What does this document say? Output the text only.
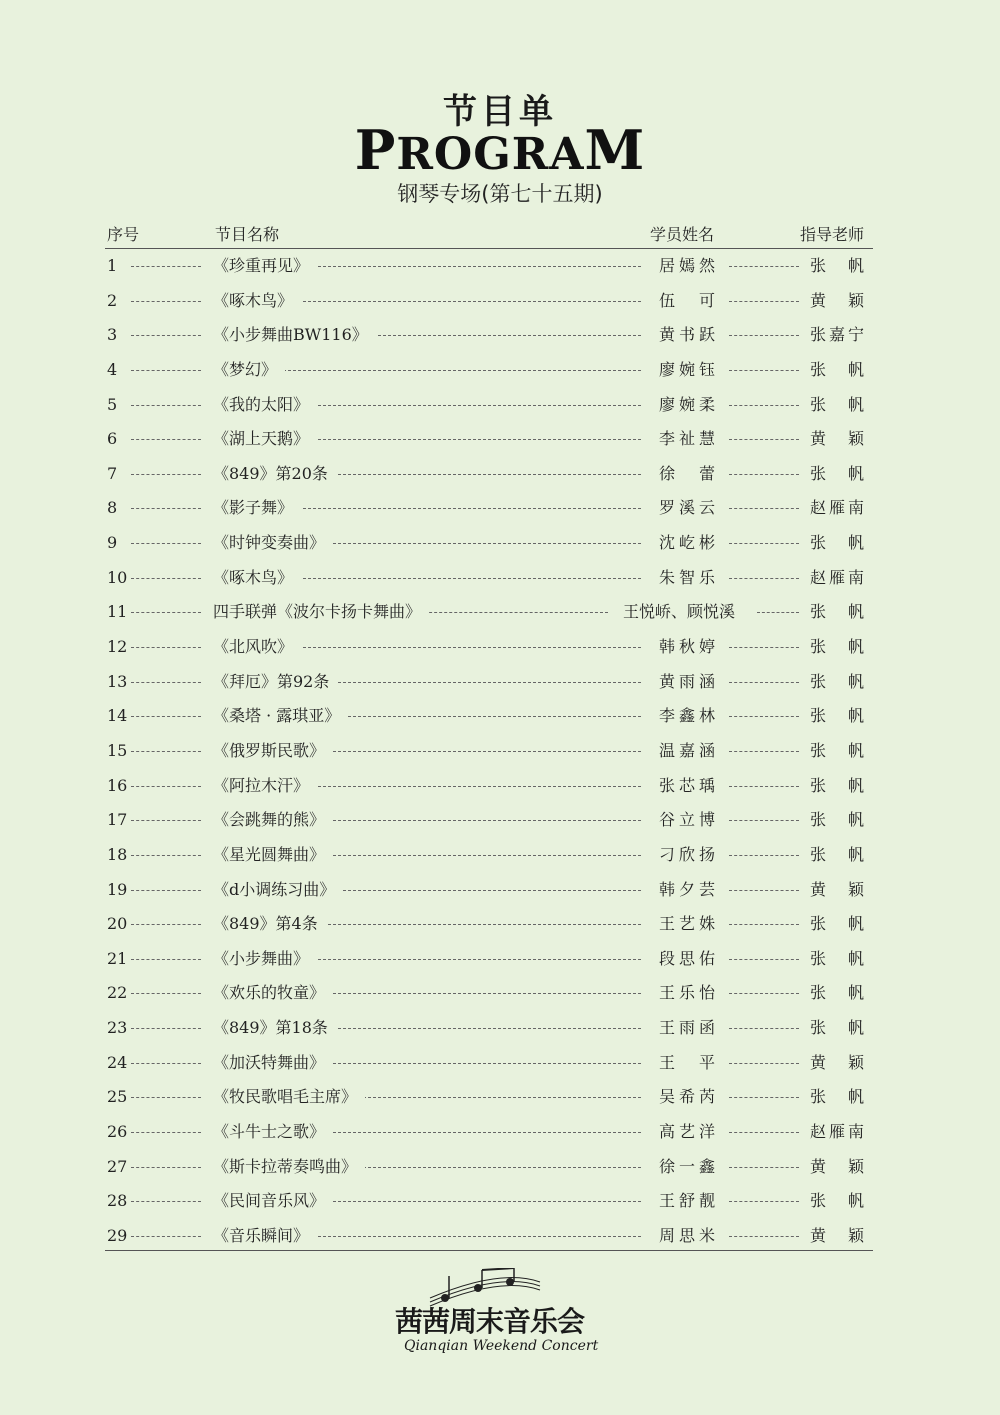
节目单
PROGRAM
钢琴专场(第七十五期)
序号	节目名称	学员姓名	指导老师
1	《珍重再见》	居嫣然	张帆
2	《啄木鸟》	伍可	黄颖
3	《小步舞曲BW116》	黄书跃	张嘉宁
4	《梦幻》	廖婉钰	张帆
5	《我的太阳》	廖婉柔	张帆
6	《湖上天鹅》	李祉慧	黄颖
7	《849》第20条	徐蕾	张帆
8	《影子舞》	罗溪云	赵雁南
9	《时钟变奏曲》	沈屹彬	张帆
10	《啄木鸟》	朱智乐	赵雁南
11	四手联弹《波尔卡扬卡舞曲》	王悦峤、顾悦溪	张帆
12	《北风吹》	韩秋婷	张帆
13	《拜厄》第92条	黄雨涵	张帆
14	《桑塔 · 露琪亚》	李鑫林	张帆
15	《俄罗斯民歌》	温嘉涵	张帆
16	《阿拉木汗》	张芯瑀	张帆
17	《会跳舞的熊》	谷立博	张帆
18	《星光圆舞曲》	刁欣扬	张帆
19	《d小调练习曲》	韩夕芸	黄颖
20	《849》第4条	王艺姝	张帆
21	《小步舞曲》	段思佑	张帆
22	《欢乐的牧童》	王乐怡	张帆
23	《849》第18条	王雨函	张帆
24	《加沃特舞曲》	王平	黄颖
25	《牧民歌唱毛主席》	吴希芮	张帆
26	《斗牛士之歌》	高艺洋	赵雁南
27	《斯卡拉蒂奏鸣曲》	徐一鑫	黄颖
28	《民间音乐风》	王舒靓	张帆
29	《音乐瞬间》	周思米	黄颖
茜茜周末音乐会
Qianqian Weekend Concert
